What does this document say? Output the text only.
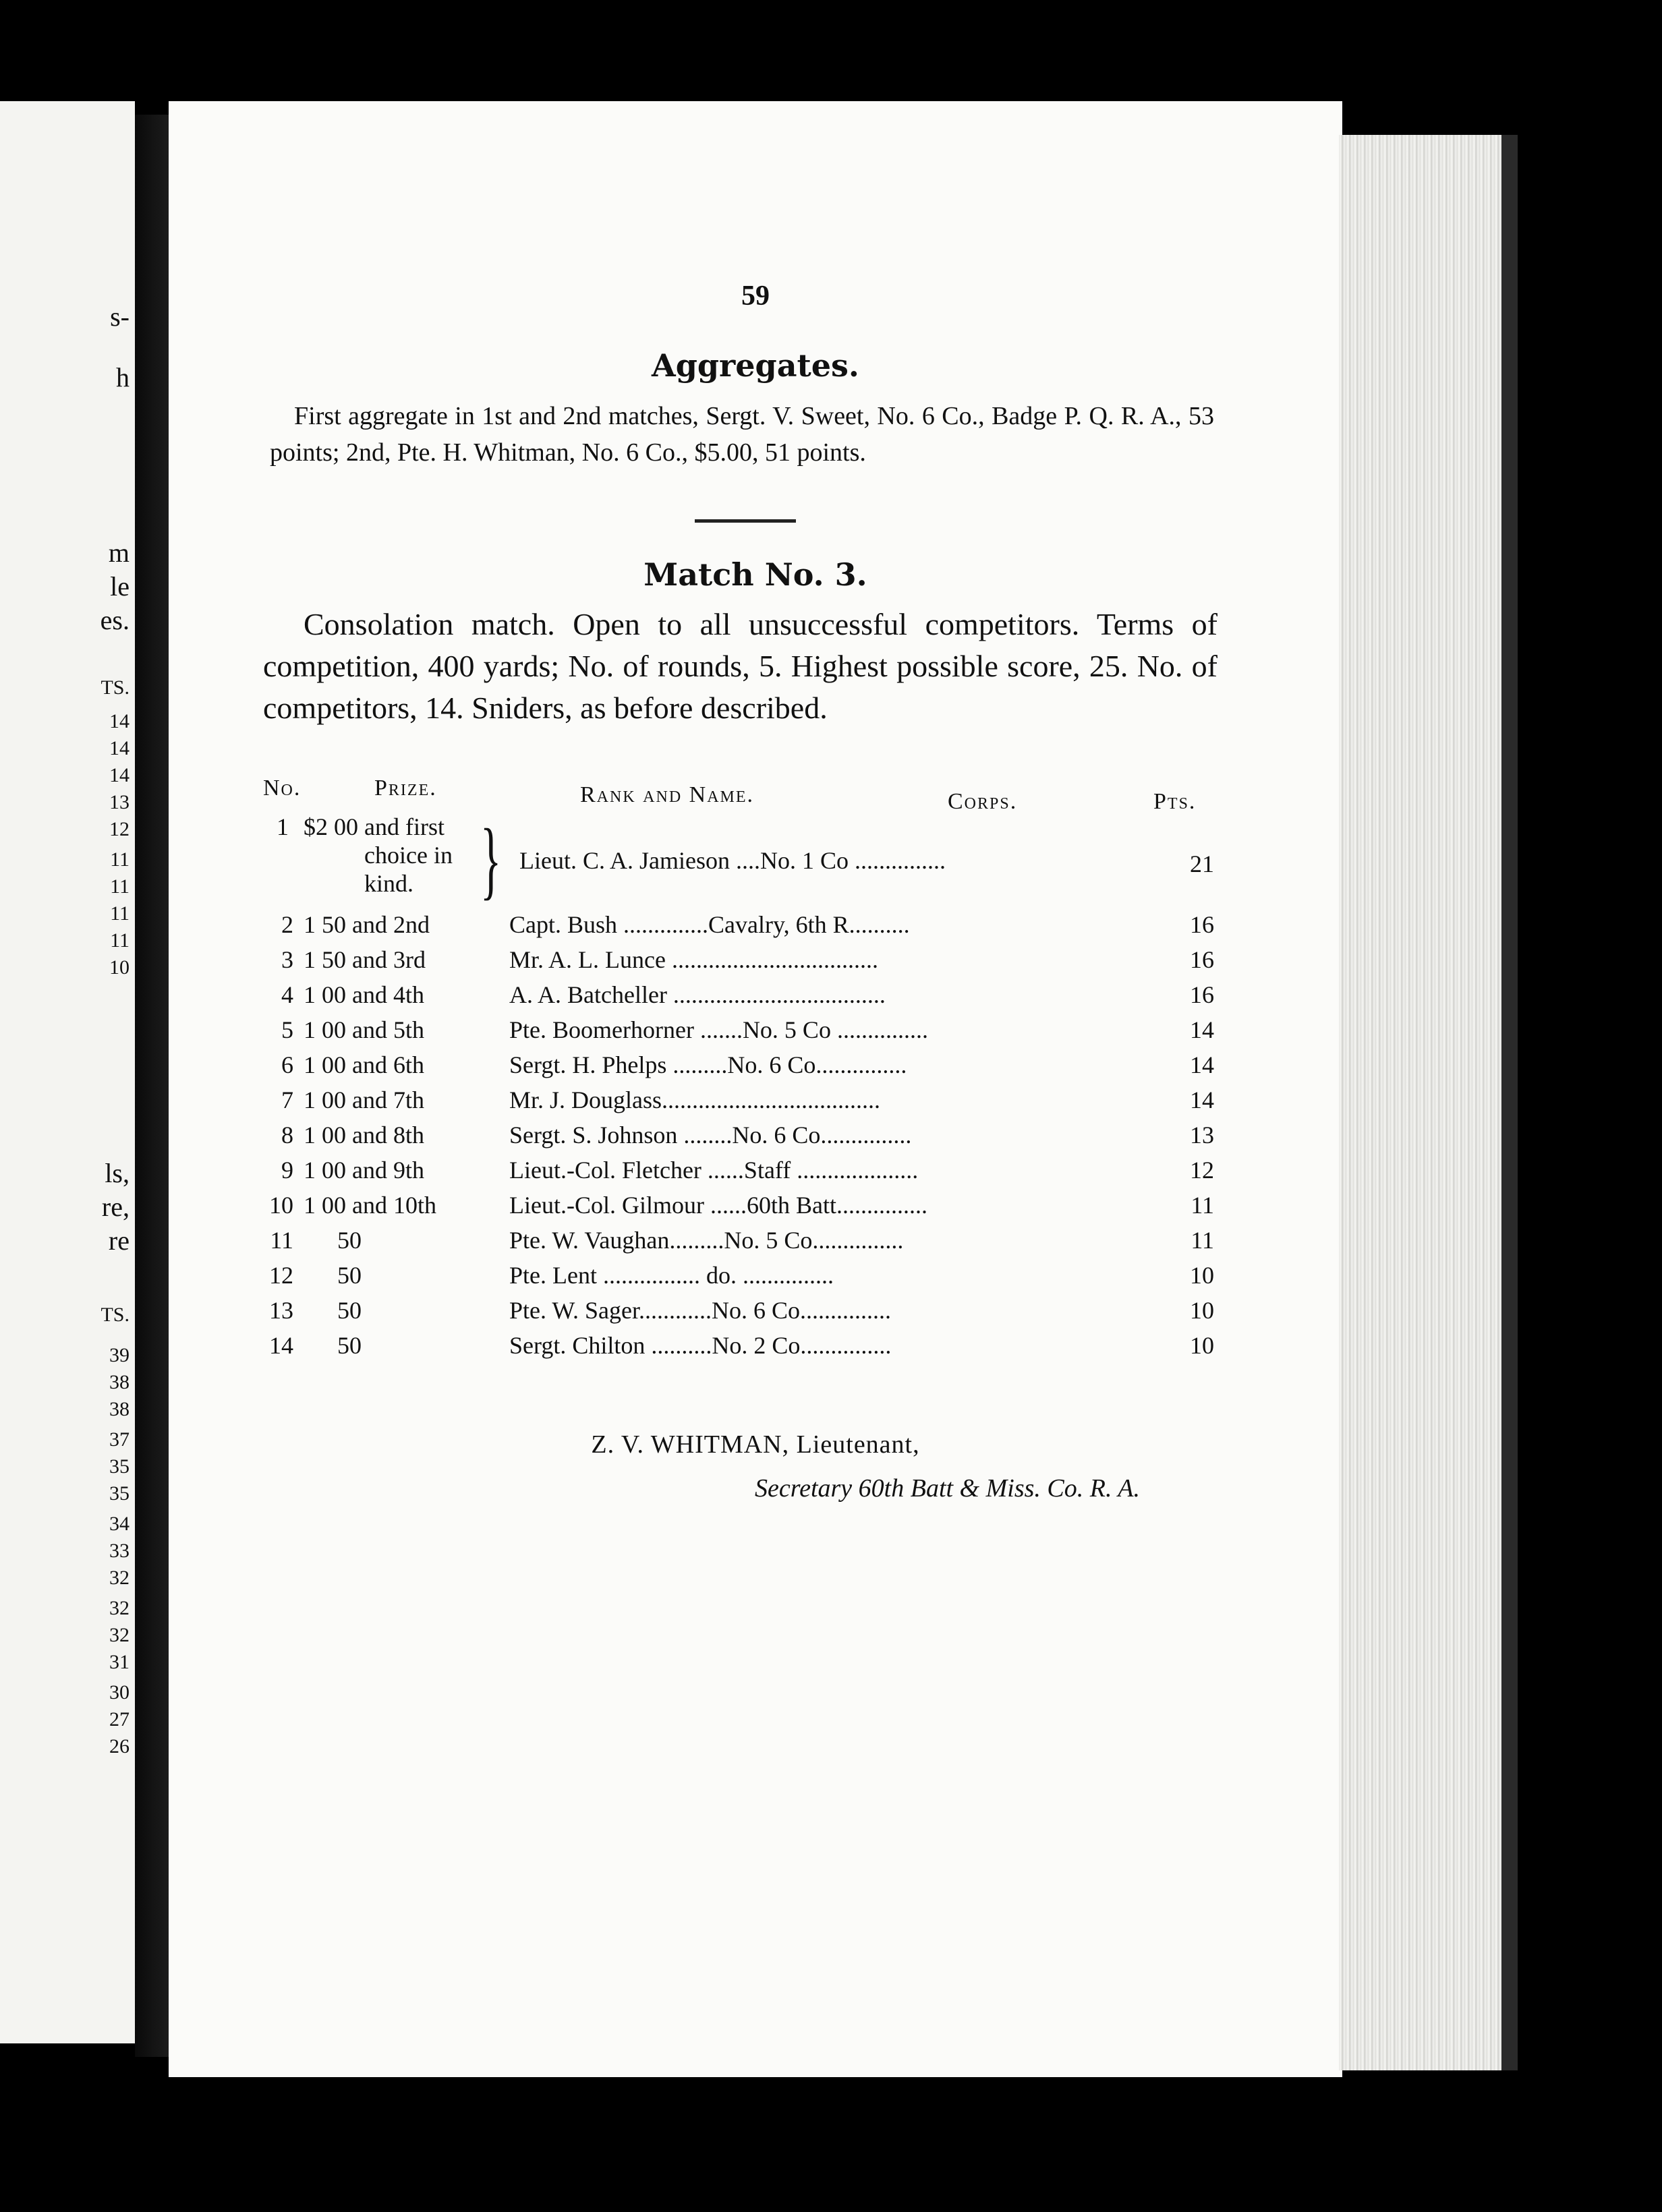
s-
h
m
le
es.
TS.
14
14
14
13
12
11
11
11
11
10
ls,
re,
re
TS.
39
38
38
37
35
35
34
33
32
32
32
31
30
27
26
59
Aggregates.
First aggregate in 1st and 2nd matches, Sergt. V. Sweet, No. 6 Co., Badge P. Q. R. A., 53 points; 2nd, Pte. H. Whitman, No. 6 Co., $5.00, 51 points.
Match No. 3.
Consolation match. Open to all unsuccessful competitors. Terms of competition, 400 yards; No. of rounds, 5. Highest possible score, 25. No. of competitors, 14. Sniders, as before described.
No.	Prize.	Rank and Name.	Corps.	Pts.
1 $2 00 and first
choice in
kind. } Lieut. C. A. Jamieson ....No. 1 Co ...............	21
2 1 50 and 2nd	Capt. Bush ..............Cavalry, 6th R..........	16
3 1 50 and 3rd	Mr. A. L. Lunce ..................................	16
4 1 00 and 4th	A. A. Batcheller ...................................	16
5 1 00 and 5th	Pte. Boomerhorner .......No. 5 Co ...............	14
6 1 00 and 6th	Sergt. H. Phelps .........No. 6 Co...............	14
7 1 00 and 7th	Mr. J. Douglass....................................	14
8 1 00 and 8th	Sergt. S. Johnson ........No. 6 Co...............	13
9 1 00 and 9th	Lieut.-Col. Fletcher ......Staff ....................	12
10 1 00 and 10th	Lieut.-Col. Gilmour ......60th Batt...............	11
11	50	Pte. W. Vaughan.........No. 5 Co...............	11
12	50	Pte. Lent ................ do. ...............	10
13	50	Pte. W. Sager............No. 6 Co...............	10
14	50	Sergt. Chilton ..........No. 2 Co...............	10
Z. V. WHITMAN, Lieutenant,
Secretary 60th Batt & Miss. Co. R. A.
